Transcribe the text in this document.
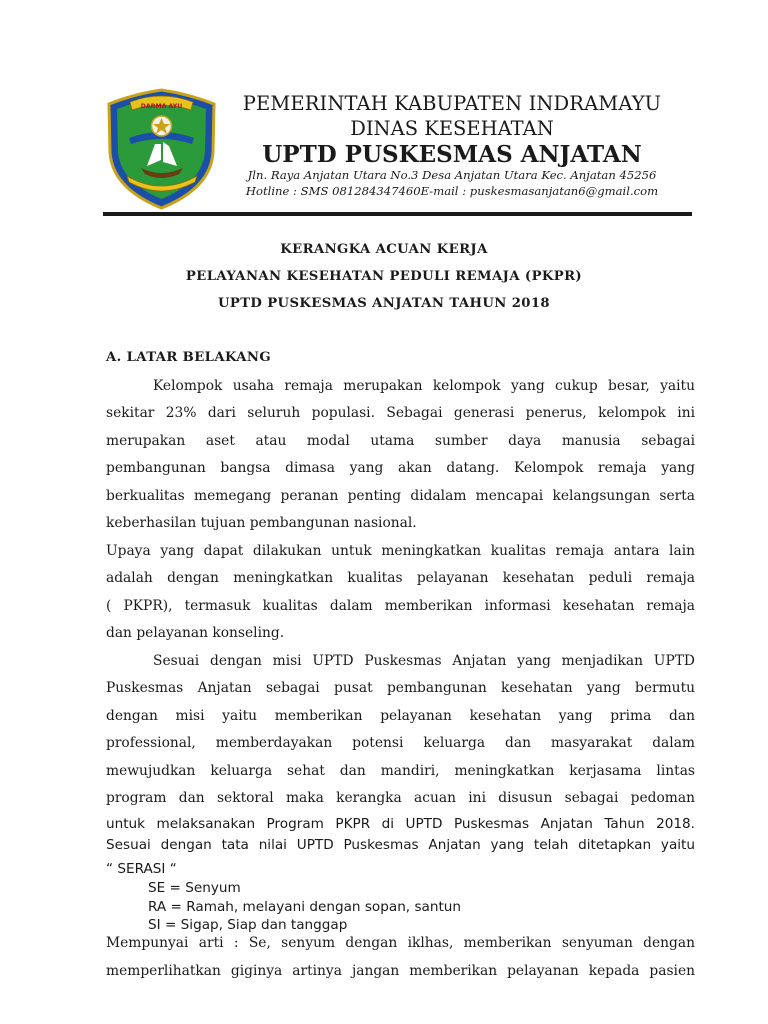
DARMA AYU	PEMERINTAH KABUPATEN INDRAMAYU
DINAS KESEHATAN
UPTD PUSKESMAS ANJATAN
Jln. Raya Anjatan Utara No.3 Desa Anjatan Utara Kec. Anjatan 45256
Hotline : SMS 081284347460E-mail : puskesmasanjatan6@gmail.com
KERANGKA ACUAN KERJA
PELAYANAN KESEHATAN PEDULI REMAJA (PKPR)
UPTD PUSKESMAS ANJATAN TAHUN 2018
A. LATAR BELAKANG
Kelompok usaha remaja merupakan kelompok yang cukup besar, yaitu
sekitar 23% dari seluruh populasi. Sebagai generasi penerus, kelompok ini
merupakan aset atau modal utama sumber daya manusia sebagai
pembangunan bangsa dimasa yang akan datang. Kelompok remaja yang
berkualitas memegang peranan penting didalam mencapai kelangsungan serta
keberhasilan tujuan pembangunan nasional.
Upaya yang dapat dilakukan untuk meningkatkan kualitas remaja antara lain
adalah dengan meningkatkan kualitas pelayanan kesehatan peduli remaja
( PKPR), termasuk kualitas dalam memberikan informasi kesehatan remaja
dan pelayanan konseling.
Sesuai dengan misi UPTD Puskesmas Anjatan yang menjadikan UPTD
Puskesmas Anjatan sebagai pusat pembangunan kesehatan yang bermutu
dengan misi yaitu memberikan pelayanan kesehatan yang prima dan
professional, memberdayakan potensi keluarga dan masyarakat dalam
mewujudkan keluarga sehat dan mandiri, meningkatkan kerjasama lintas
program dan sektoral maka kerangka acuan ini disusun sebagai pedoman
untuk melaksanakan Program PKPR di UPTD Puskesmas Anjatan Tahun 2018.
Sesuai dengan tata nilai UPTD Puskesmas Anjatan yang telah ditetapkan yaitu
“ SERASI “
SE = Senyum
RA = Ramah, melayani dengan sopan, santun
SI = Sigap, Siap dan tanggap
Mempunyai arti : Se, senyum dengan iklhas, memberikan senyuman dengan
memperlihatkan giginya artinya jangan memberikan pelayanan kepada pasien
